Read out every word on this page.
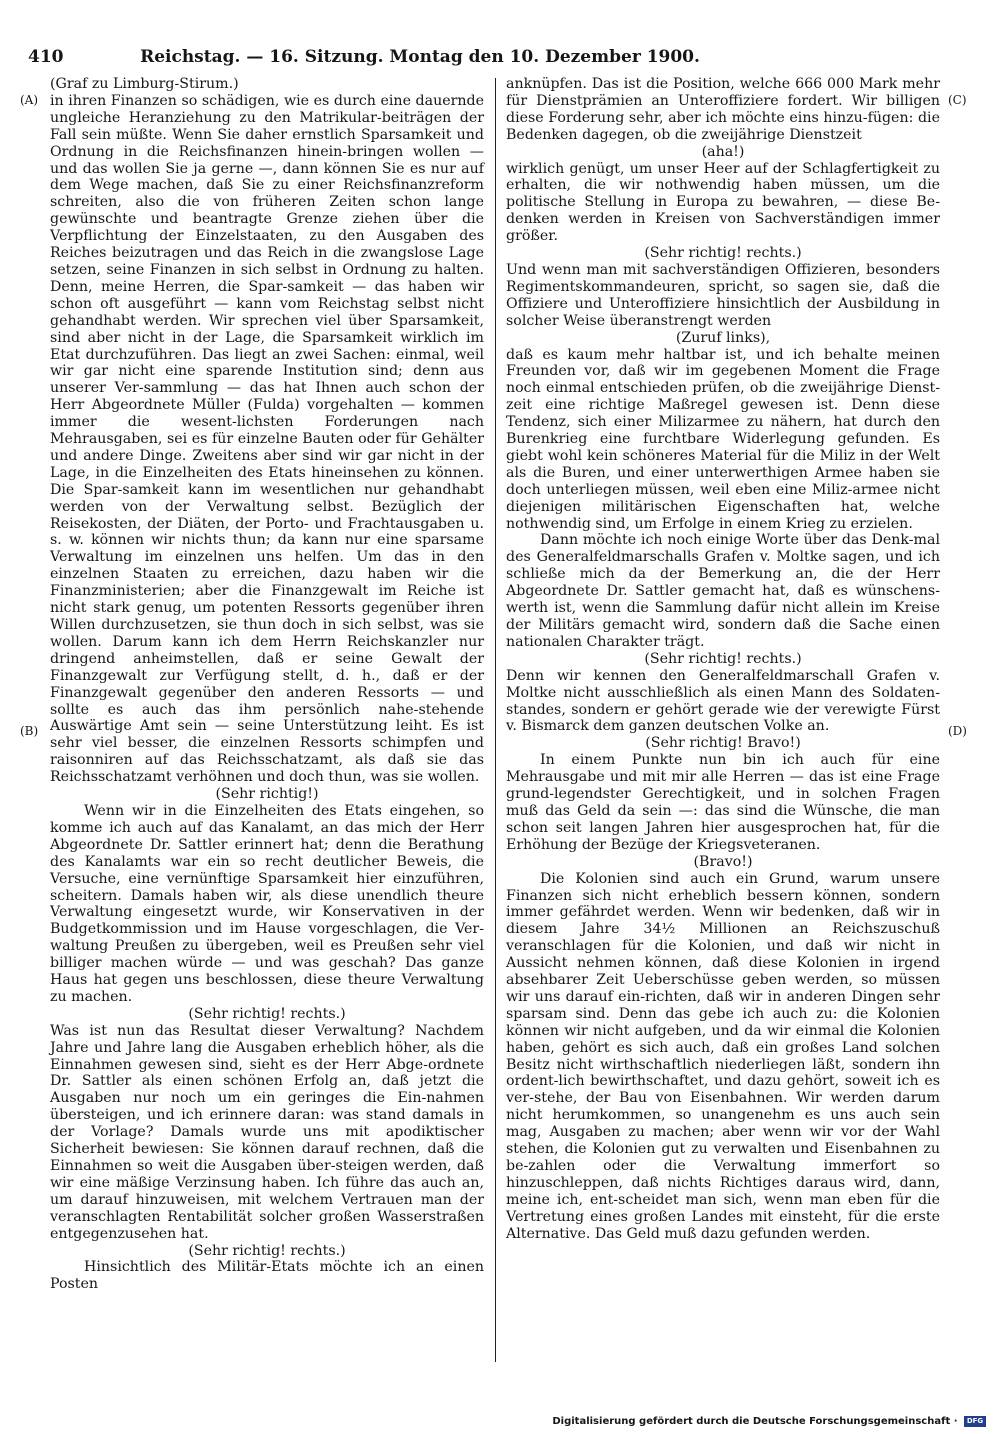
410	Reichstag. — 16. Sitzung. Montag den 10. Dezember 1900.

(Graf zu Limburg-Stirum.)

in ihren Finanzen so schädigen, wie es durch eine dauernde ungleiche Heranziehung zu den Matrikular-beiträgen der Fall sein müßte. Wenn Sie daher ernstlich Sparsamkeit und Ordnung in die Reichsfinanzen hinein-bringen wollen — und das wollen Sie ja gerne —, dann können Sie es nur auf dem Wege machen, daß Sie zu einer Reichsfinanzreform schreiten, also die von früheren Zeiten schon lange gewünschte und beantragte Grenze ziehen über die Verpflichtung der Einzelstaaten, zu den Ausgaben des Reiches beizutragen und das Reich in die zwangslose Lage setzen, seine Finanzen in sich selbst in Ordnung zu halten. Denn, meine Herren, die Spar-samkeit — das haben wir schon oft ausgeführt — kann vom Reichstag selbst nicht gehandhabt werden. Wir sprechen viel über Sparsamkeit, sind aber nicht in der Lage, die Sparsamkeit wirklich im Etat durchzuführen. Das liegt an zwei Sachen: einmal, weil wir gar nicht eine sparende Institution sind; denn aus unserer Ver-sammlung — das hat Ihnen auch schon der Herr Abgeordnete Müller (Fulda) vorgehalten — kommen immer die wesent-lichsten Forderungen nach Mehrausgaben, sei es für einzelne Bauten oder für Gehälter und andere Dinge. Zweitens aber sind wir gar nicht in der Lage, in die Einzelheiten des Etats hineinsehen zu können. Die Spar-samkeit kann im wesentlichen nur gehandhabt werden von der Verwaltung selbst. Bezüglich der Reisekosten, der Diäten, der Porto- und Frachtausgaben u. s. w. können wir nichts thun; da kann nur eine sparsame Verwaltung im einzelnen uns helfen. Um das in den einzelnen Staaten zu erreichen, dazu haben wir die Finanzministerien; aber die Finanzgewalt im Reiche ist nicht stark genug, um potenten Ressorts gegenüber ihren Willen durchzusetzen, sie thun doch in sich selbst, was sie wollen. Darum kann ich dem Herrn Reichskanzler nur dringend anheimstellen, daß er seine Gewalt der Finanzgewalt zur Verfügung stellt, d. h., daß er der Finanzgewalt gegenüber den anderen Ressorts — und sollte es auch das ihm persönlich nahe-stehende Auswärtige Amt sein — seine Unterstützung leiht. Es ist sehr viel besser, die einzelnen Ressorts schimpfen und raisonniren auf das Reichsschatzamt, als daß sie das Reichsschatzamt verhöhnen und doch thun, was sie wollen.

(Sehr richtig!)

Wenn wir in die Einzelheiten des Etats eingehen, so komme ich auch auf das Kanalamt, an das mich der Herr Abgeordnete Dr. Sattler erinnert hat; denn die Berathung des Kanalamts war ein so recht deutlicher Beweis, die Versuche, eine vernünftige Sparsamkeit hier einzuführen, scheitern. Damals haben wir, als diese unendlich theure Verwaltung eingesetzt wurde, wir Konservativen in der Budgetkommission und im Hause vorgeschlagen, die Ver-waltung Preußen zu übergeben, weil es Preußen sehr viel billiger machen würde — und was geschah? Das ganze Haus hat gegen uns beschlossen, diese theure Verwaltung zu machen.

(Sehr richtig! rechts.)

Was ist nun das Resultat dieser Verwaltung? Nachdem Jahre und Jahre lang die Ausgaben erheblich höher, als die Einnahmen gewesen sind, sieht es der Herr Abge-ordnete Dr. Sattler als einen schönen Erfolg an, daß jetzt die Ausgaben nur noch um ein geringes die Ein-nahmen übersteigen, und ich erinnere daran: was stand damals in der Vorlage? Damals wurde uns mit apodiktischer Sicherheit bewiesen: Sie können darauf rechnen, daß die Einnahmen so weit die Ausgaben über-steigen werden, daß wir eine mäßige Verzinsung haben. Ich führe das auch an, um darauf hinzuweisen, mit welchem Vertrauen man der veranschlagten Rentabilität solcher großen Wasserstraßen entgegenzusehen hat.

(Sehr richtig! rechts.)

Hinsichtlich des Militär-Etats möchte ich an einen Posten

anknüpfen. Das ist die Position, welche 666 000 Mark mehr für Dienstprämien an Unteroffiziere fordert. Wir billigen diese Forderung sehr, aber ich möchte eins hinzu-fügen: die Bedenken dagegen, ob die zweijährige Dienstzeit

(aha!)

wirklich genügt, um unser Heer auf der Schlagfertigkeit zu erhalten, die wir nothwendig haben müssen, um die politische Stellung in Europa zu bewahren, — diese Be-denken werden in Kreisen von Sachverständigen immer größer.

(Sehr richtig! rechts.)

Und wenn man mit sachverständigen Offizieren, besonders Regimentskommandeuren, spricht, so sagen sie, daß die Offiziere und Unteroffiziere hinsichtlich der Ausbildung in solcher Weise überanstrengt werden

(Zuruf links),

daß es kaum mehr haltbar ist, und ich behalte meinen Freunden vor, daß wir im gegebenen Moment die Frage noch einmal entschieden prüfen, ob die zweijährige Dienst-zeit eine richtige Maßregel gewesen ist. Denn diese Tendenz, sich einer Milizarmee zu nähern, hat durch den Burenkrieg eine furchtbare Widerlegung gefunden. Es giebt wohl kein schöneres Material für die Miliz in der Welt als die Buren, und einer unterwerthigen Armee haben sie doch unterliegen müssen, weil eben eine Miliz-armee nicht diejenigen militärischen Eigenschaften hat, welche nothwendig sind, um Erfolge in einem Krieg zu erzielen.

Dann möchte ich noch einige Worte über das Denk-mal des Generalfeldmarschalls Grafen v. Moltke sagen, und ich schließe mich da der Bemerkung an, die der Herr Abgeordnete Dr. Sattler gemacht hat, daß es wünschens-werth ist, wenn die Sammlung dafür nicht allein im Kreise der Militärs gemacht wird, sondern daß die Sache einen nationalen Charakter trägt.

(Sehr richtig! rechts.)

Denn wir kennen den Generalfeldmarschall Grafen v. Moltke nicht ausschließlich als einen Mann des Soldaten-standes, sondern er gehört gerade wie der verewigte Fürst v. Bismarck dem ganzen deutschen Volke an.

(Sehr richtig! Bravo!)

In einem Punkte nun bin ich auch für eine Mehrausgabe und mit mir alle Herren — das ist eine Frage grund-legendster Gerechtigkeit, und in solchen Fragen muß das Geld da sein —: das sind die Wünsche, die man schon seit langen Jahren hier ausgesprochen hat, für die Erhöhung der Bezüge der Kriegsveteranen.

(Bravo!)

Die Kolonien sind auch ein Grund, warum unsere Finanzen sich nicht erheblich bessern können, sondern immer gefährdet werden. Wenn wir bedenken, daß wir in diesem Jahre 34½ Millionen an Reichszuschuß veranschlagen für die Kolonien, und daß wir nicht in Aussicht nehmen können, daß diese Kolonien in irgend absehbarer Zeit Ueberschüsse geben werden, so müssen wir uns darauf ein-richten, daß wir in anderen Dingen sehr sparsam sind. Denn das gebe ich auch zu: die Kolonien können wir nicht aufgeben, und da wir einmal die Kolonien haben, gehört es sich auch, daß ein großes Land solchen Besitz nicht wirthschaftlich niederliegen läßt, sondern ihn ordent-lich bewirthschaftet, und dazu gehört, soweit ich es ver-stehe, der Bau von Eisenbahnen. Wir werden darum nicht herumkommen, so unangenehm es uns auch sein mag, Ausgaben zu machen; aber wenn wir vor der Wahl stehen, die Kolonien gut zu verwalten und Eisenbahnen zu be-zahlen oder die Verwaltung immerfort so hinzuschleppen, daß nichts Richtiges daraus wird, dann, meine ich, ent-scheidet man sich, wenn man eben für die Vertretung eines großen Landes mit einsteht, für die erste Alternative. Das Geld muß dazu gefunden werden.

(A)
(B)
(C)
(D)
Digitalisierung gefördert durch die Deutsche Forschungsgemeinschaft · DFG
